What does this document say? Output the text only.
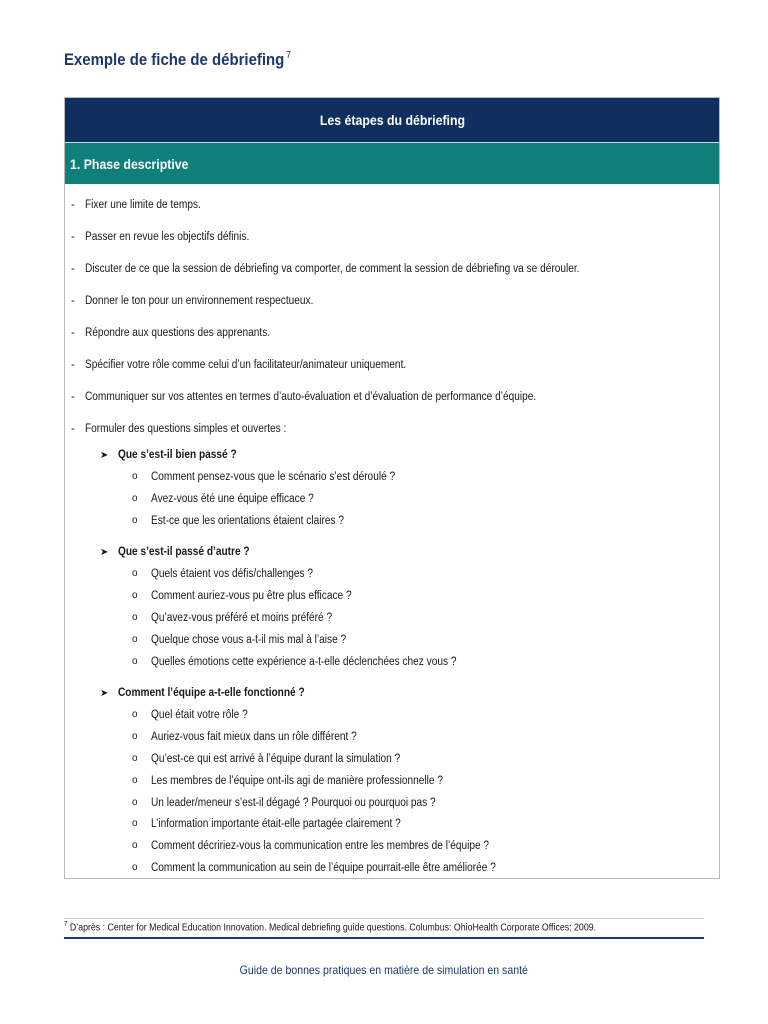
Exemple de fiche de débriefing $^7$
Les étapes du débriefing
1. Phase descriptive
- Fixer une limite de temps.
- Passer en revue les objectifs définis.
- Discuter de ce que la session de débriefing va comporter, de comment la session de débriefing va se dérouler.
- Donner le ton pour un environnement respectueux.
- Répondre aux questions des apprenants.
- Spécifier votre rôle comme celui d’un facilitateur/animateur uniquement.
- Communiquer sur vos attentes en termes d’auto-évaluation et d’évaluation de performance d’équipe.
- Formuler des questions simples et ouvertes :
➤ Que s’est-il bien passé ?
o Comment pensez-vous que le scénario s’est déroulé ?
o Avez-vous été une équipe efficace ?
o Est-ce que les orientations étaient claires ?
➤ Que s’est-il passé d’autre ?
o Quels étaient vos défis/challenges ?
o Comment auriez-vous pu être plus efficace ?
o Qu’avez-vous préféré et moins préféré ?
o Quelque chose vous a-t-il mis mal à l’aise ?
o Quelles émotions cette expérience a-t-elle déclenchées chez vous ?
➤ Comment l’équipe a-t-elle fonctionné ?
o Quel était votre rôle ?
o Auriez-vous fait mieux dans un rôle différent ?
o Qu’est-ce qui est arrivé à l’équipe durant la simulation ?
o Les membres de l’équipe ont-ils agi de manière professionnelle ?
o Un leader/meneur s’est-il dégagé ? Pourquoi ou pourquoi pas ?
o L’information importante était-elle partagée clairement ?
o Comment décririez-vous la communication entre les membres de l’équipe ?
o Comment la communication au sein de l’équipe pourrait-elle être améliorée ?
$^7$ D’après : Center for Medical Education Innovation. Medical debriefing guide questions. Columbus: OhioHealth Corporate Offices; 2009.
Guide de bonnes pratiques en matière de simulation en santé
